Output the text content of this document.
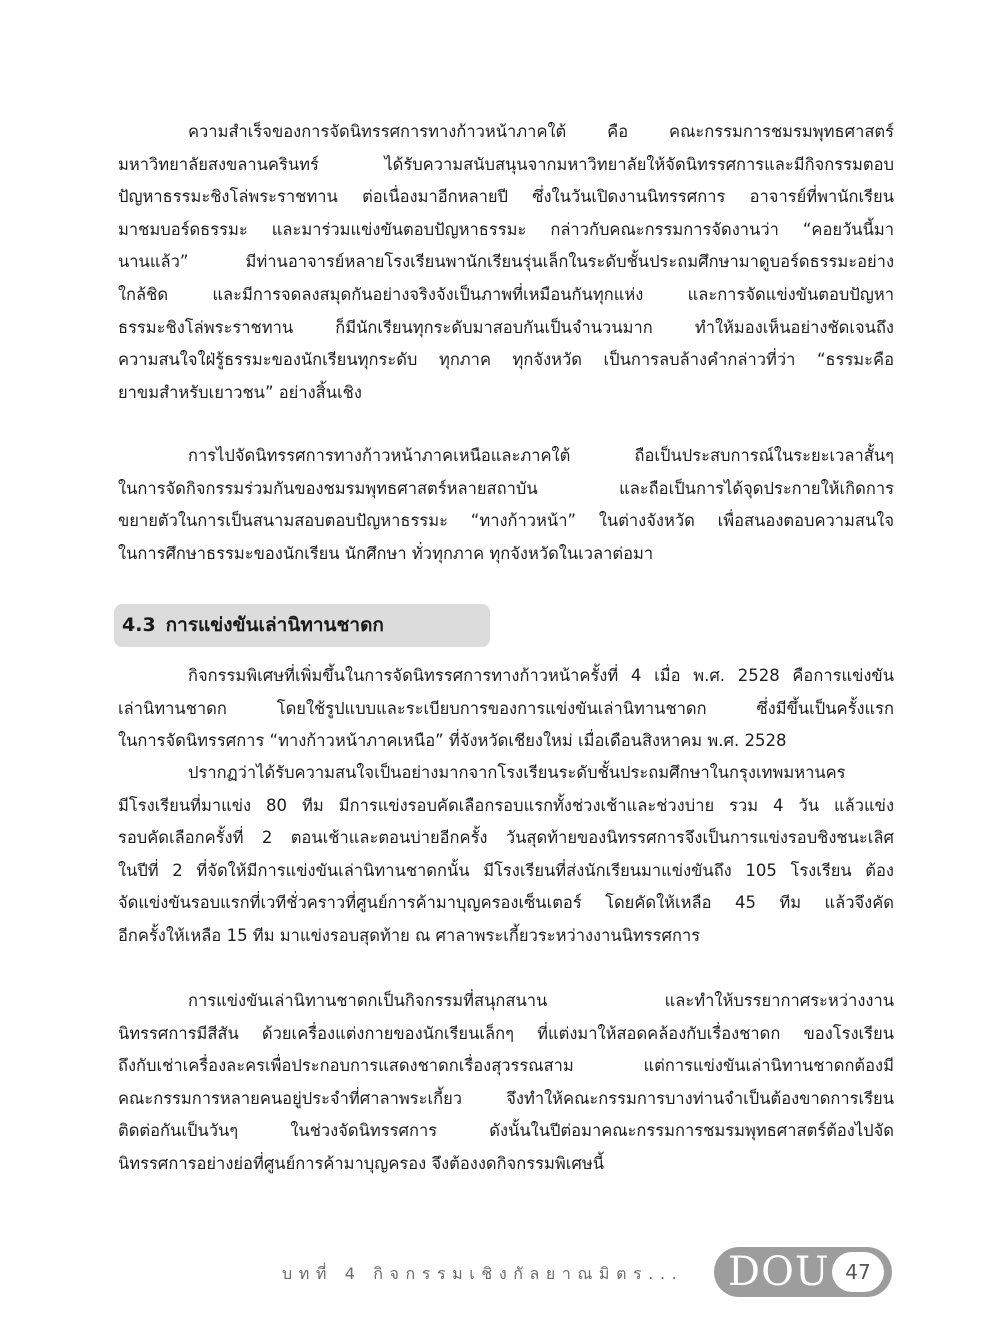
ความสำเร็จของการจัดนิทรรศการทางก้าวหน้าภาคใต้ คือ คณะกรรมการชมรมพุทธศาสตร์
มหาวิทยาลัยสงขลานครินทร์ ได้รับความสนับสนุนจากมหาวิทยาลัยให้จัดนิทรรศการและมีกิจกรรมตอบ
ปัญหาธรรมะชิงโล่พระราชทาน ต่อเนื่องมาอีกหลายปี ซึ่งในวันเปิดงานนิทรรศการ อาจารย์ที่พานักเรียน
มาชมบอร์ดธรรมะ และมาร่วมแข่งขันตอบปัญหาธรรมะ กล่าวกับคณะกรรมการจัดงานว่า “คอยวันนี้มา
นานแล้ว” มีท่านอาจารย์หลายโรงเรียนพานักเรียนรุ่นเล็กในระดับชั้นประถมศึกษามาดูบอร์ดธรรมะอย่าง
ใกล้ชิด และมีการจดลงสมุดกันอย่างจริงจังเป็นภาพที่เหมือนกันทุกแห่ง และการจัดแข่งขันตอบปัญหา
ธรรมะชิงโล่พระราชทาน ก็มีนักเรียนทุกระดับมาสอบกันเป็นจำนวนมาก ทำให้มองเห็นอย่างชัดเจนถึง
ความสนใจใฝ่รู้ธรรมะของนักเรียนทุกระดับ ทุกภาค ทุกจังหวัด เป็นการลบล้างคำกล่าวที่ว่า “ธรรมะคือ
ยาขมสำหรับเยาวชน” อย่างสิ้นเชิง
การไปจัดนิทรรศการทางก้าวหน้าภาคเหนือและภาคใต้ ถือเป็นประสบการณ์ในระยะเวลาสั้นๆ
ในการจัดกิจกรรมร่วมกันของชมรมพุทธศาสตร์หลายสถาบัน และถือเป็นการได้จุดประกายให้เกิดการ
ขยายตัวในการเป็นสนามสอบตอบปัญหาธรรมะ “ทางก้าวหน้า” ในต่างจังหวัด เพื่อสนองตอบความสนใจ
ในการศึกษาธรรมะของนักเรียน นักศึกษา ทั่วทุกภาค ทุกจังหวัดในเวลาต่อมา
4.3 การแข่งขันเล่านิทานชาดก
กิจกรรมพิเศษที่เพิ่มขึ้นในการจัดนิทรรศการทางก้าวหน้าครั้งที่ 4 เมื่อ พ.ศ. 2528 คือการแข่งขัน
เล่านิทานชาดก โดยใช้รูปแบบและระเบียบการของการแข่งขันเล่านิทานชาดก ซึ่งมีขึ้นเป็นครั้งแรก
ในการจัดนิทรรศการ “ทางก้าวหน้าภาคเหนือ” ที่จังหวัดเชียงใหม่ เมื่อเดือนสิงหาคม พ.ศ. 2528
ปรากฏว่าได้รับความสนใจเป็นอย่างมากจากโรงเรียนระดับชั้นประถมศึกษาในกรุงเทพมหานคร
มีโรงเรียนที่มาแข่ง 80 ทีม มีการแข่งรอบคัดเลือกรอบแรกทั้งช่วงเช้าและช่วงบ่าย รวม 4 วัน แล้วแข่ง
รอบคัดเลือกครั้งที่ 2 ตอนเช้าและตอนบ่ายอีกครั้ง วันสุดท้ายของนิทรรศการจึงเป็นการแข่งรอบชิงชนะเลิศ
ในปีที่ 2 ที่จัดให้มีการแข่งขันเล่านิทานชาดกนั้น มีโรงเรียนที่ส่งนักเรียนมาแข่งขันถึง 105 โรงเรียน ต้อง
จัดแข่งขันรอบแรกที่เวทีชั่วคราวที่ศูนย์การค้ามาบุญครองเซ็นเตอร์ โดยคัดให้เหลือ 45 ทีม แล้วจึงคัด
อีกครั้งให้เหลือ 15 ทีม มาแข่งรอบสุดท้าย ณ ศาลาพระเกี้ยวระหว่างงานนิทรรศการ
การแข่งขันเล่านิทานชาดกเป็นกิจกรรมที่สนุกสนาน และทำให้บรรยากาศระหว่างงาน
นิทรรศการมีสีสัน ด้วยเครื่องแต่งกายของนักเรียนเล็กๆ ที่แต่งมาให้สอดคล้องกับเรื่องชาดก ของโรงเรียน
ถึงกับเช่าเครื่องละครเพื่อประกอบการแสดงชาดกเรื่องสุวรรณสาม แต่การแข่งขันเล่านิทานชาดกต้องมี
คณะกรรมการหลายคนอยู่ประจำที่ศาลาพระเกี้ยว จึงทำให้คณะกรรมการบางท่านจำเป็นต้องขาดการเรียน
ติดต่อกันเป็นวันๆ ในช่วงจัดนิทรรศการ ดังนั้นในปีต่อมาคณะกรรมการชมรมพุทธศาสตร์ต้องไปจัด
นิทรรศการอย่างย่อที่ศูนย์การค้ามาบุญครอง จึงต้องงดกิจกรรมพิเศษนี้
บทที่ 4 กิจกรรมเชิงกัลยาณมิตร...	DOU 47
